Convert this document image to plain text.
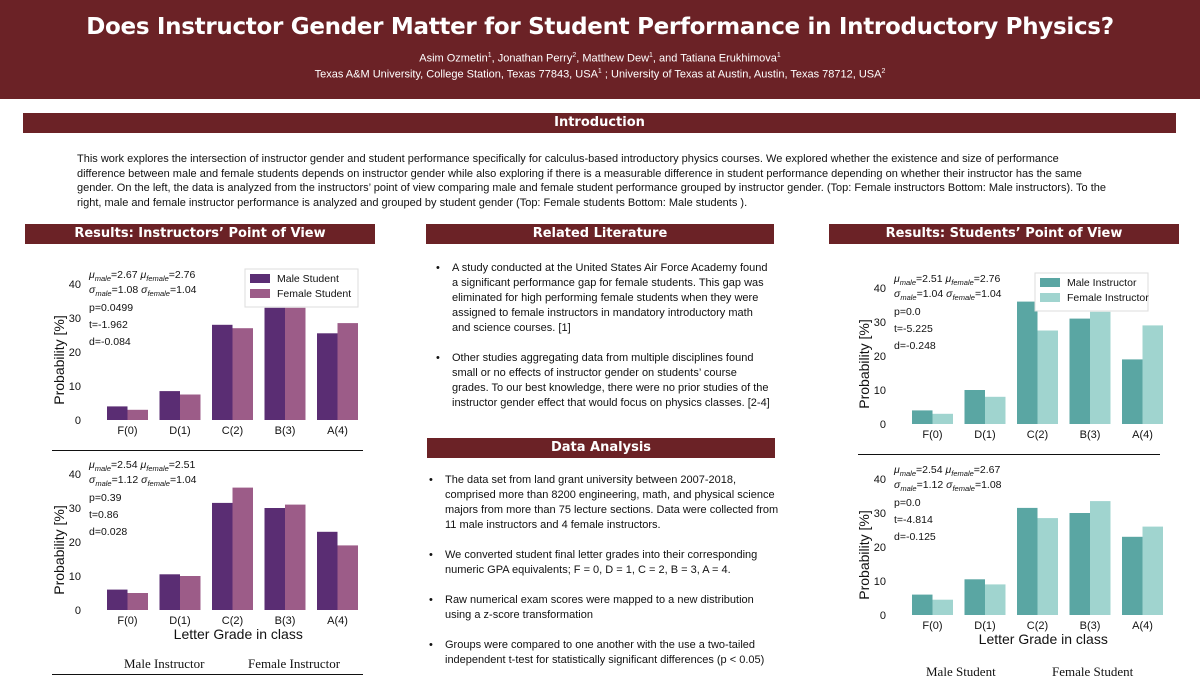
Does Instructor Gender Matter for Student Performance in Introductory Physics?
Asim Ozmetin$^1$, Jonathan Perry$^2$, Matthew Dew$^1$, and Tatiana Erukhimova$^1$
Texas A&M University, College Station, Texas 77843, USA$^1$ ; University of Texas at Austin, Austin, Texas 78712, USA$^2$
Introduction
This work explores the intersection of instructor gender and student performance specifically for calculus-based introductory physics courses. We explored whether the existence and size of performance difference between male and female students depends on instructor gender while also exploring if there is a measurable difference in student performance depending on whether their instructor has the same gender. On the left, the data is analyzed from the instructors’ point of view comparing male and female student performance grouped by instructor gender. (Top: Female instructors Bottom: Male instructors). To the right, male and female instructor performance is analyzed and grouped by student gender (Top: Female students Bottom: Male students ).
Results: Instructors’ Point of View	Related Literature	Results: Students’ Point of View
Data Analysis
• A study conducted at the United States Air Force Academy found a significant performance gap for female students. This gap was eliminated for high performing female students when they were assigned to female instructors in mandatory introductory math and science courses. [1]
• Other studies aggregating data from multiple disciplines found small or no effects of instructor gender on students’ course grades. To our best knowledge, there were no prior studies of the instructor gender effect that would focus on physics classes. [2-4]
• The data set from land grant university between 2007-2018, comprised more than 8200 engineering, math, and physical science majors from more than 75 lecture sections. Data were collected from 11 male instructors and 4 female instructors.
• We converted student final letter grades into their corresponding numeric GPA equivalents; F = 0, D = 1, C = 2, B = 3, A = 4.
• Raw numerical exam scores were mapped to a new distribution using a z-score transformation
• Groups were compared to one another with the use a two-tailed independent t-test for statistically significant differences (p < 0.05)
0
10
20
30
40
Probability [%]
F(0)	D(1)	C(2)	B(3)	A(4)
$\mu_{male}=2.67$ $\mu_{female}=2.76$
$\sigma_{male}=1.08$ $\sigma_{female}=1.04$
p=0.0499
t=-1.962
d=-0.084
Male Student
Female Student
0
10
20
30
40
Probability [%]
F(0)	D(1)	C(2)	B(3)	A(4)
Letter Grade in class
$\mu_{male}=2.54$ $\mu_{female}=2.51$
$\sigma_{male}=1.12$ $\sigma_{female}=1.04$
p=0.39
t=0.86
d=0.028
0
10
20
30
40
Probability [%]
F(0)	D(1)	C(2)	B(3)	A(4)
$\mu_{male}=2.51$ $\mu_{female}=2.76$
$\sigma_{male}=1.04$ $\sigma_{female}=1.04$
p=0.0
t=-5.225
d=-0.248
Male Instructor
Female Instructor
0
10
20
30
40
Probability [%]
F(0)	D(1)	C(2)	B(3)	A(4)
Letter Grade in class
$\mu_{male}=2.54$ $\mu_{female}=2.67$
$\sigma_{male}=1.12$ $\sigma_{female}=1.08$
p=0.0
t=-4.814
d=-0.125
Male Instructor	Female Instructor
Male Student	Female Student
